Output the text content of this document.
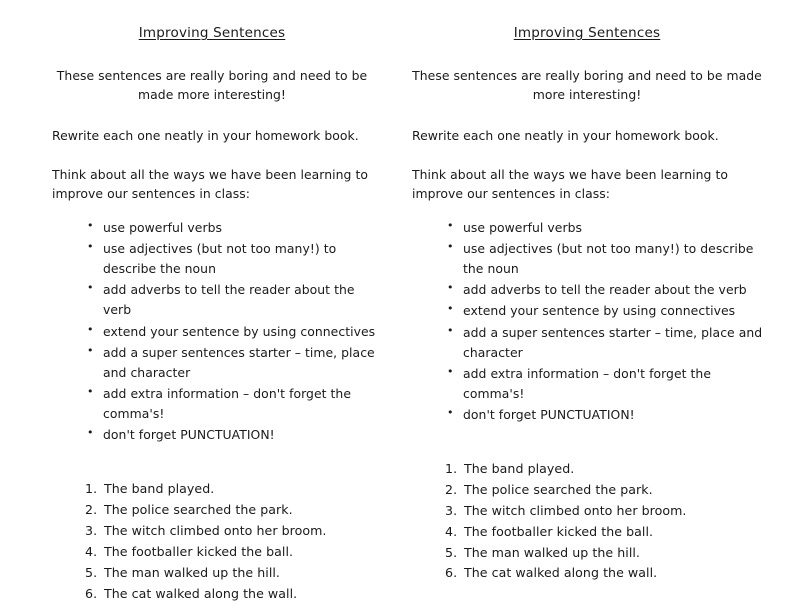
Improving Sentences

These sentences are really boring and need to be made more interesting!

Rewrite each one neatly in your homework book.

Think about all the ways we have been learning to improve our sentences in class:

• use powerful verbs
• use adjectives (but not too many!) to describe the noun
• add adverbs to tell the reader about the verb
• extend your sentence by using connectives
• add a super sentences starter – time, place and character
• add extra information – don't forget the comma's!
• don't forget PUNCTUATION!
The band played.
The police searched the park.
The witch climbed onto her broom.
The footballer kicked the ball.
The man walked up the hill.
The cat walked along the wall.
Improving Sentences

These sentences are really boring and need to be made more interesting!

Rewrite each one neatly in your homework book.

Think about all the ways we have been learning to improve our sentences in class:

• use powerful verbs
• use adjectives (but not too many!) to describe the noun
• add adverbs to tell the reader about the verb
• extend your sentence by using connectives
• add a super sentences starter – time, place and character
• add extra information – don't forget the comma's!
• don't forget PUNCTUATION!
The band played.
The police searched the park.
The witch climbed onto her broom.
The footballer kicked the ball.
The man walked up the hill.
The cat walked along the wall.
